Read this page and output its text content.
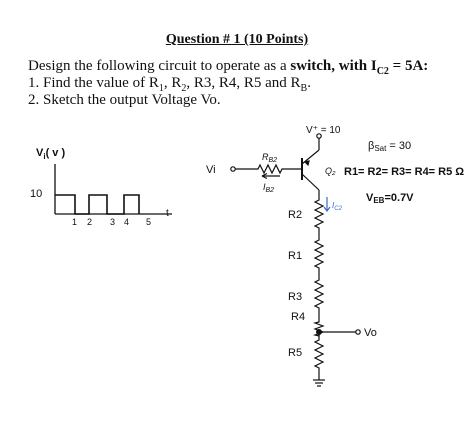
Question # 1 (10 Points)
Design the following circuit to operate as a switch, with $I_{C2} = 5A$:
1. Find the value of $R_1$, $R_2$, R3, R4, R5 and $R_B$.
2. Sketch the output Voltage Vo.
$V_i$( v )
10
t
1 2 3 4 5
V⁺ = 10
Vi
$R_{B2}$
$I_{B2}$
Q₂
$I_{C2}$
R2
R1
R3
R4
R5
Vo
βSat = 30
R1= R2= R3= R4= R5 Ω
VEB=0.7V
